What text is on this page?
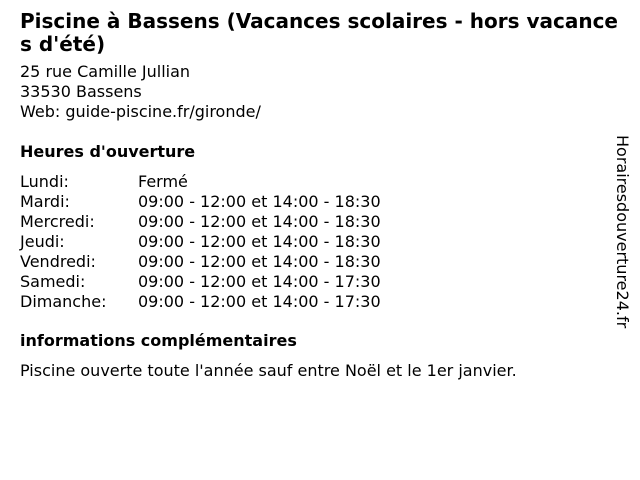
Piscine à Bassens (Vacances scolaires - hors vacances d'été)
25 rue Camille Jullian
33530 Bassens
Web: guide-piscine.fr/gironde/
Heures d'ouverture
Lundi:	Fermé
Mardi:	09:00 - 12:00 et 14:00 - 18:30
Mercredi:	09:00 - 12:00 et 14:00 - 18:30
Jeudi:	09:00 - 12:00 et 14:00 - 18:30
Vendredi:	09:00 - 12:00 et 14:00 - 18:30
Samedi:	09:00 - 12:00 et 14:00 - 17:30
Dimanche:	09:00 - 12:00 et 14:00 - 17:30
informations complémentaires
Piscine ouverte toute l'année sauf entre Noël et le 1er janvier.
Horairesdouverture24.fr
